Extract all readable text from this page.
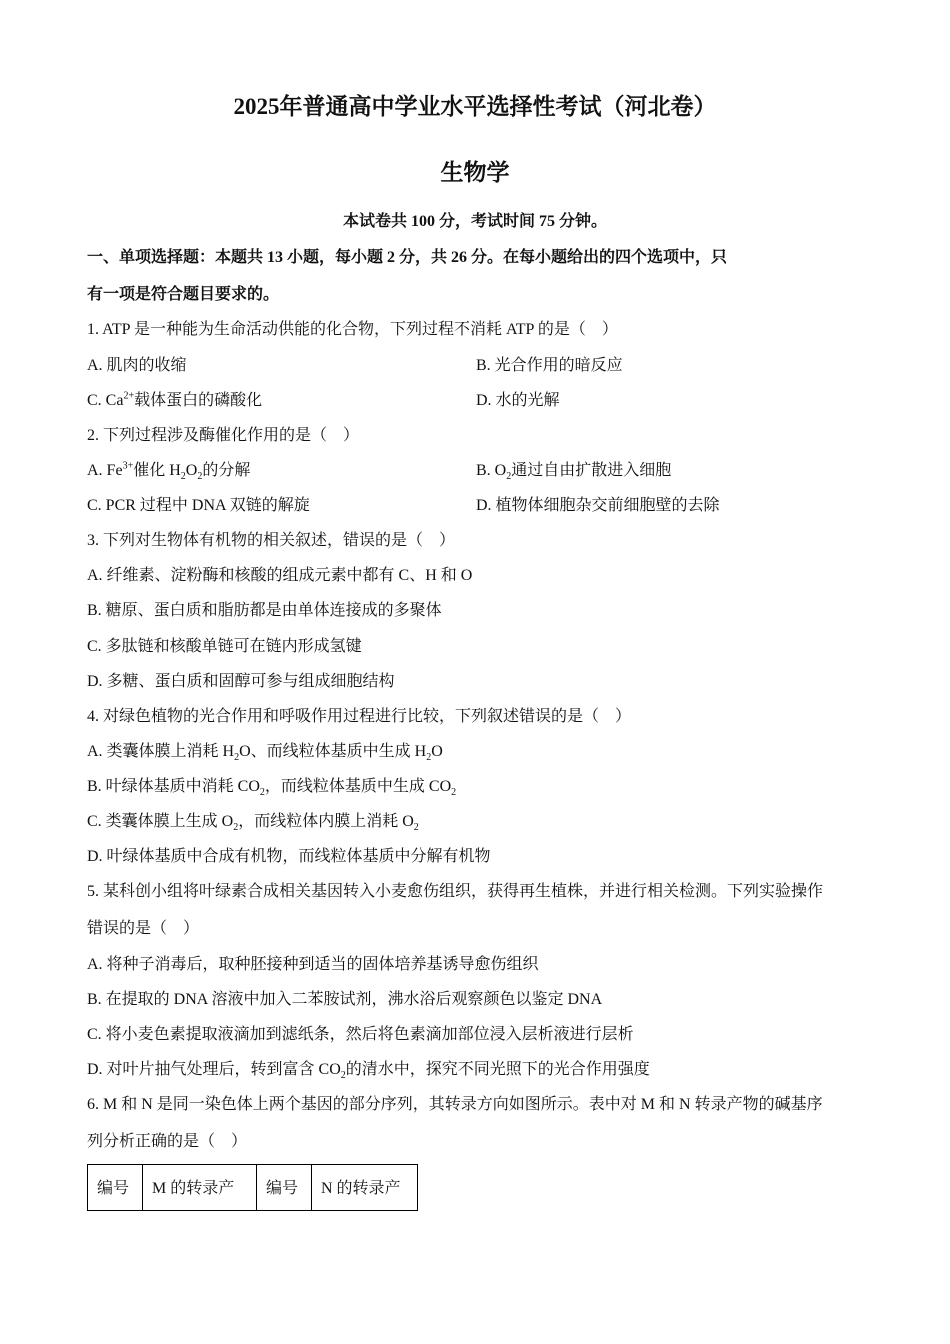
2025年普通高中学业水平选择性考试（河北卷）
生物学
本试卷共 100 分，考试时间 75 分钟。
一、单项选择题：本题共 13 小题，每小题 2 分，共 26 分。在每小题给出的四个选项中，只
有一项是符合题目要求的。
1. ATP 是一种能为生命活动供能的化合物，下列过程不消耗 ATP 的是（　）
A. 肌肉的收缩	B. 光合作用的暗反应
C. $Ca^{2+}$载体蛋白的磷酸化	D. 水的光解
2. 下列过程涉及酶催化作用的是（　）
A. $Fe^{3+}$催化 $H_2O_2$的分解	B. $O_2$通过自由扩散进入细胞
C. PCR 过程中 DNA 双链的解旋	D. 植物体细胞杂交前细胞壁的去除
3. 下列对生物体有机物的相关叙述，错误的是（　）
A. 纤维素、淀粉酶和核酸的组成元素中都有 C、H 和 O
B. 糖原、蛋白质和脂肪都是由单体连接成的多聚体
C. 多肽链和核酸单链可在链内形成氢键
D. 多糖、蛋白质和固醇可参与组成细胞结构
4. 对绿色植物的光合作用和呼吸作用过程进行比较，下列叙述错误的是（　）
A. 类囊体膜上消耗 $H_2O$、而线粒体基质中生成 $H_2O$
B. 叶绿体基质中消耗 $CO_2$，而线粒体基质中生成 $CO_2$
C. 类囊体膜上生成 $O_2$，而线粒体内膜上消耗 $O_2$
D. 叶绿体基质中合成有机物，而线粒体基质中分解有机物
5. 某科创小组将叶绿素合成相关基因转入小麦愈伤组织，获得再生植株，并进行相关检测。下列实验操作
错误的是（　）
A. 将种子消毒后，取种胚接种到适当的固体培养基诱导愈伤组织
B. 在提取的 DNA 溶液中加入二苯胺试剂，沸水浴后观察颜色以鉴定 DNA
C. 将小麦色素提取液滴加到滤纸条，然后将色素滴加部位浸入层析液进行层析
D. 对叶片抽气处理后，转到富含 $CO_2$的清水中，探究不同光照下的光合作用强度
6. M 和 N 是同一染色体上两个基因的部分序列，其转录方向如图所示。表中对 M 和 N 转录产物的碱基序
列分析正确的是（　）
编号	M 的转录产	编号	N 的转录产
